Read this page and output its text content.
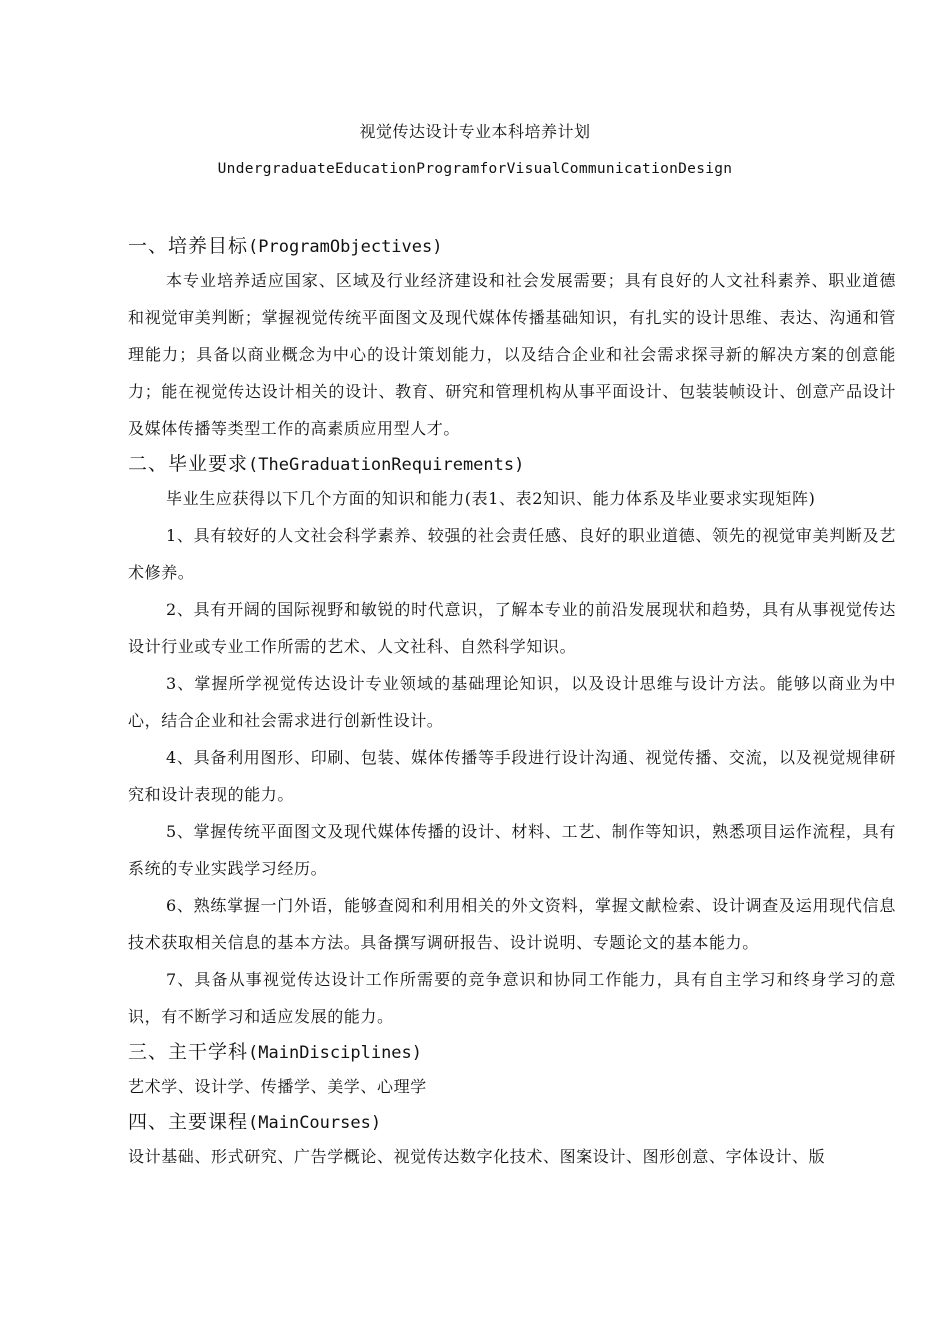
视觉传达设计专业本科培养计划
UndergraduateEducationProgramforVisualCommunicationDesign
一、培养目标(ProgramObjectives)

本专业培养适应国家、区域及行业经济建设和社会发展需要；具有良好的人文社科素养、职业道德和视觉审美判断；掌握视觉传统平面图文及现代媒体传播基础知识，有扎实的设计思维、表达、沟通和管理能力；具备以商业概念为中心的设计策划能力，以及结合企业和社会需求探寻新的解决方案的创意能力；能在视觉传达设计相关的设计、教育、研究和管理机构从事平面设计、包装装帧设计、创意产品设计及媒体传播等类型工作的高素质应用型人才。

二、毕业要求(TheGraduationRequirements)

毕业生应获得以下几个方面的知识和能力(表1、表2知识、能力体系及毕业要求实现矩阵)

1、具有较好的人文社会科学素养、较强的社会责任感、良好的职业道德、领先的视觉审美判断及艺术修养。

2、具有开阔的国际视野和敏锐的时代意识，了解本专业的前沿发展现状和趋势，具有从事视觉传达设计行业或专业工作所需的艺术、人文社科、自然科学知识。

3、掌握所学视觉传达设计专业领域的基础理论知识，以及设计思维与设计方法。能够以商业为中心，结合企业和社会需求进行创新性设计。

4、具备利用图形、印刷、包装、媒体传播等手段进行设计沟通、视觉传播、交流，以及视觉规律研究和设计表现的能力。

5、掌握传统平面图文及现代媒体传播的设计、材料、工艺、制作等知识，熟悉项目运作流程，具有系统的专业实践学习经历。

6、熟练掌握一门外语，能够查阅和利用相关的外文资料，掌握文献检索、设计调查及运用现代信息技术获取相关信息的基本方法。具备撰写调研报告、设计说明、专题论文的基本能力。

7、具备从事视觉传达设计工作所需要的竞争意识和协同工作能力，具有自主学习和终身学习的意识，有不断学习和适应发展的能力。

三、主干学科(MainDisciplines)

艺术学、设计学、传播学、美学、心理学

四、主要课程(MainCourses)

设计基础、形式研究、广告学概论、视觉传达数字化技术、图案设计、图形创意、字体设计、版
